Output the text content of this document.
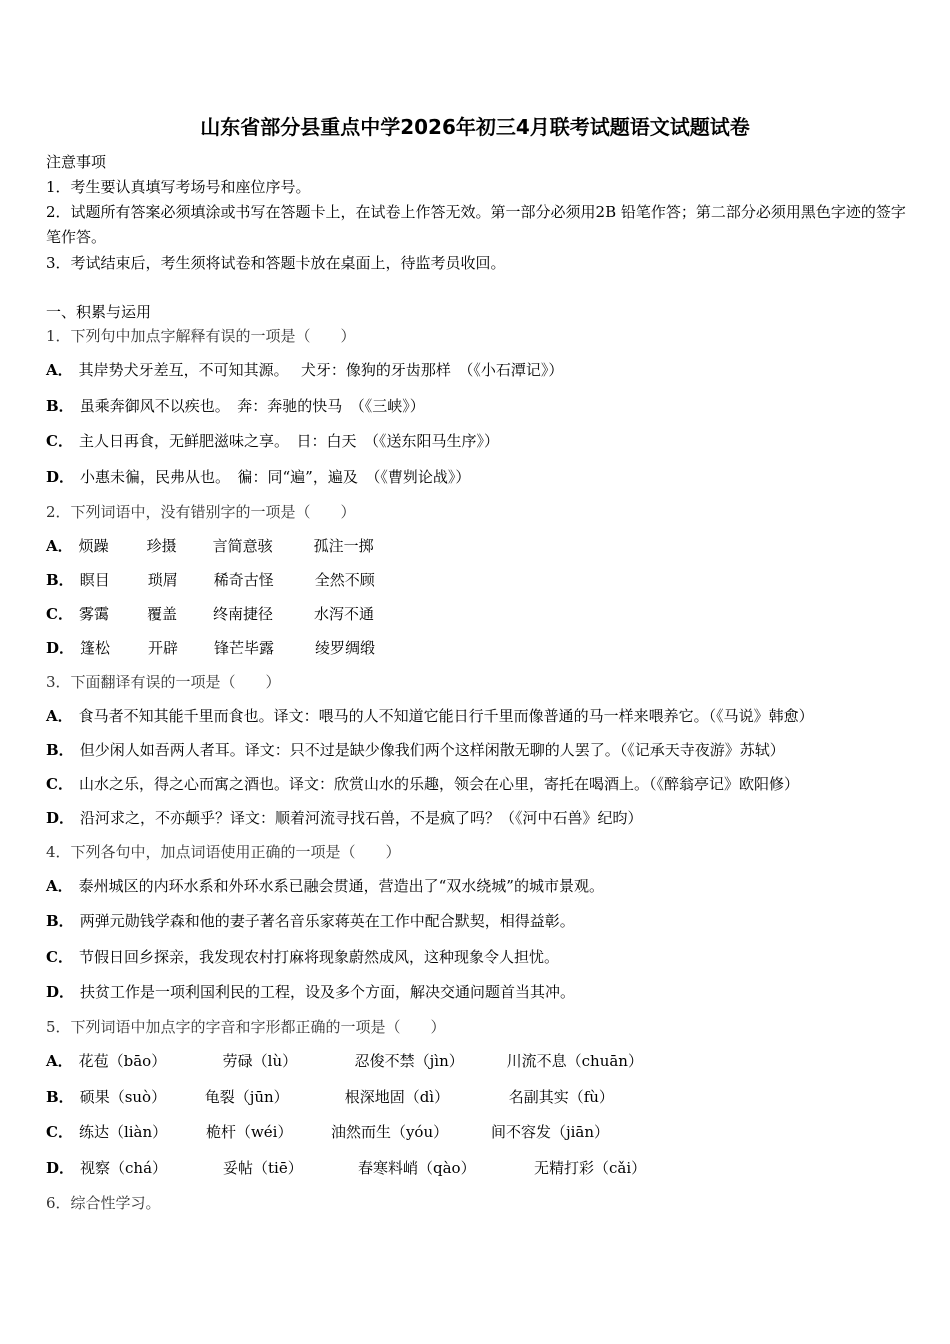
山东省部分县重点中学2026年初三4月联考试题语文试题试卷
注意事项
1．考生要认真填写考场号和座位序号。
2．试题所有答案必须填涂或书写在答题卡上，在试卷上作答无效。第一部分必须用2B 铅笔作答；第二部分必须用黑色字迹的签字笔作答。
3．考试结束后，考生须将试卷和答题卡放在桌面上，待监考员收回。
一、积累与运用
1．下列句中加点字解释有误的一项是（　　）
A． 其岸势犬牙差互，不可知其源。　 犬牙：像狗的牙齿那样　（《小石潭记》）
B． 虽乘奔御风不以疾也。　奔：奔驰的快马　（《三峡》）
C． 主人日再食，无鲜肥滋味之享。　日：白天　（《送东阳马生序》）
D． 小惠未徧，民弗从也。　徧：同“遍”，遍及　（《曹刿论战》）
2．下列词语中，没有错别字的一项是（　　）
A． 烦躁	珍摄 言简意骇	孤注一掷
B． 瞑目	琐屑 稀奇古怪	全然不顾
C． 雾霭	覆盖 终南捷径	水泻不通
D． 篷松	开辟 锋芒毕露	绫罗绸缎
3．下面翻译有误的一项是（　　）
A． 食马者不知其能千里而食也。译文：喂马的人不知道它能日行千里而像普通的马一样来喂养它。（《马说》韩愈）
B． 但少闲人如吾两人者耳。译文：只不过是缺少像我们两个这样闲散无聊的人罢了。（《记承天寺夜游》苏轼）
C． 山水之乐，得之心而寓之酒也。译文：欣赏山水的乐趣，领会在心里，寄托在喝酒上。（《醉翁亭记》欧阳修）
D． 沿河求之，不亦颠乎？译文：顺着河流寻找石兽，不是疯了吗？（《河中石兽》纪昀）
4．下列各句中，加点词语使用正确的一项是（　　）
A． 泰州城区的内环水系和外环水系已融会贯通，营造出了“双水绕城”的城市景观。
B． 两弹元勋钱学森和他的妻子著名音乐家蒋英在工作中配合默契，相得益彰。
C． 节假日回乡探亲，我发现农村打麻将现象蔚然成风，这种现象令人担忧。
D． 扶贫工作是一项利国利民的工程，设及多个方面，解决交通问题首当其冲。
5．下列词语中加点字的字音和字形都正确的一项是（　　）
A． 花苞（bāo）	劳碌（lù）	忍俊不禁（jìn）	川流不息（chuān）
B． 硕果（suò）	龟裂（jūn）	根深地固（dì）	名副其实（fù）
C． 练达（liàn）	桅杆（wéi）	油然而生（yóu）	间不容发（jiān）
D． 视察（chá）	妥帖（tiē）	春寒料峭（qào）	无精打彩（cǎi）
6．综合性学习。
